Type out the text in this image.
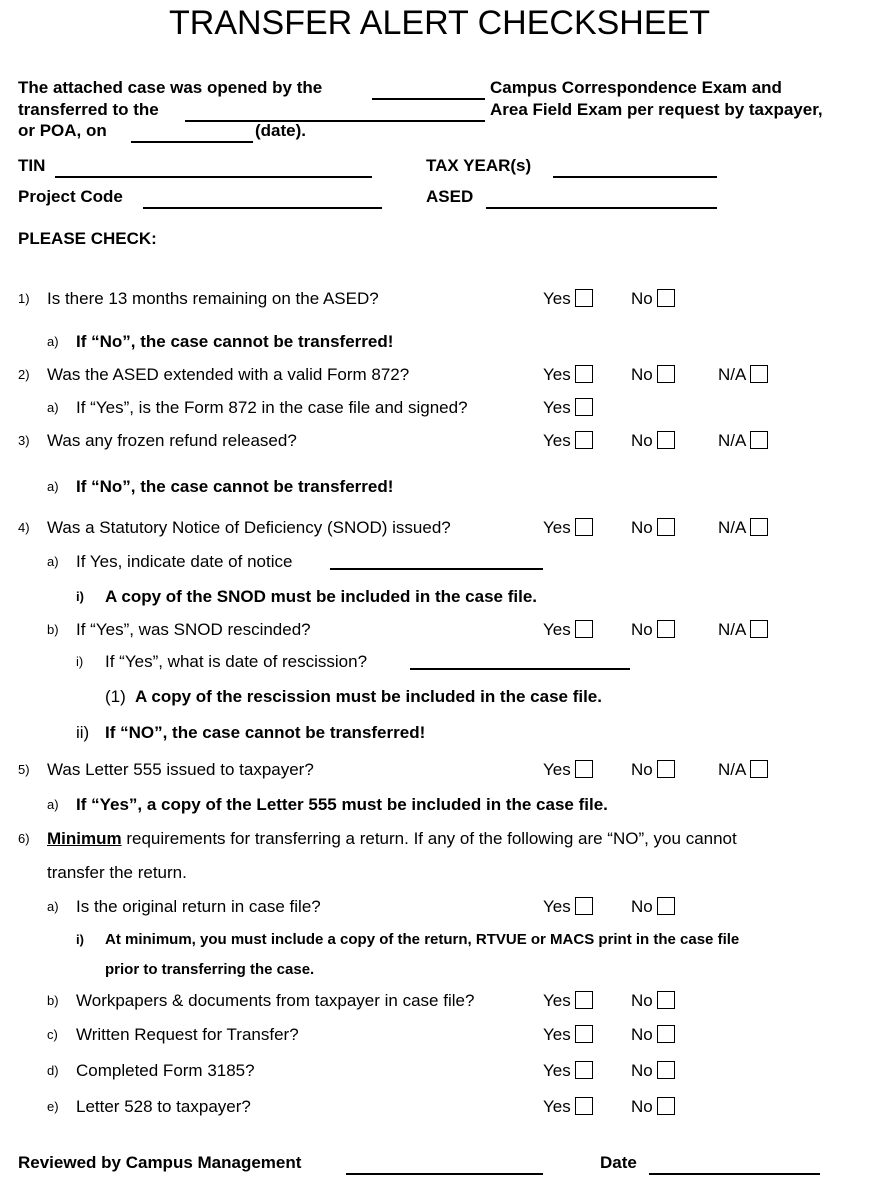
TRANSFER ALERT CHECKSHEET
The attached case was opened by the	Campus Correspondence Exam and
transferred to the	Area Field Exam per request by taxpayer,
or POA, on	(date).
TIN	TAX YEAR(s)
Project Code	ASED
PLEASE CHECK:
1) Is there 13 months remaining on the ASED?	Yes	No
a) If “No”, the case cannot be transferred!
2) Was the ASED extended with a valid Form 872?	Yes	No	N/A
a) If “Yes”, is the Form 872 in the case file and signed?	Yes
3) Was any frozen refund released?	Yes	No	N/A
a) If “No”, the case cannot be transferred!
4) Was a Statutory Notice of Deficiency (SNOD) issued?	Yes	No	N/A
a) If Yes, indicate date of notice
i) A copy of the SNOD must be included in the case file.
b) If “Yes”, was SNOD rescinded?	Yes	No	N/A
i) If “Yes”, what is date of rescission?
(1) A copy of the rescission must be included in the case file.
ii) If “NO”, the case cannot be transferred!
5) Was Letter 555 issued to taxpayer?	Yes	No	N/A
a) If “Yes”, a copy of the Letter 555 must be included in the case file.
6) Minimum requirements for transferring a return. If any of the following are “NO”, you cannot
transfer the return.
a) Is the original return in case file?	Yes	No
i) At minimum, you must include a copy of the return, RTVUE or MACS print in the case file
prior to transferring the case.
b) Workpapers & documents from taxpayer in case file?	Yes	No
c) Written Request for Transfer?	Yes	No
d) Completed Form 3185?	Yes	No
e) Letter 528 to taxpayer?	Yes	No
Reviewed by Campus Management	Date
